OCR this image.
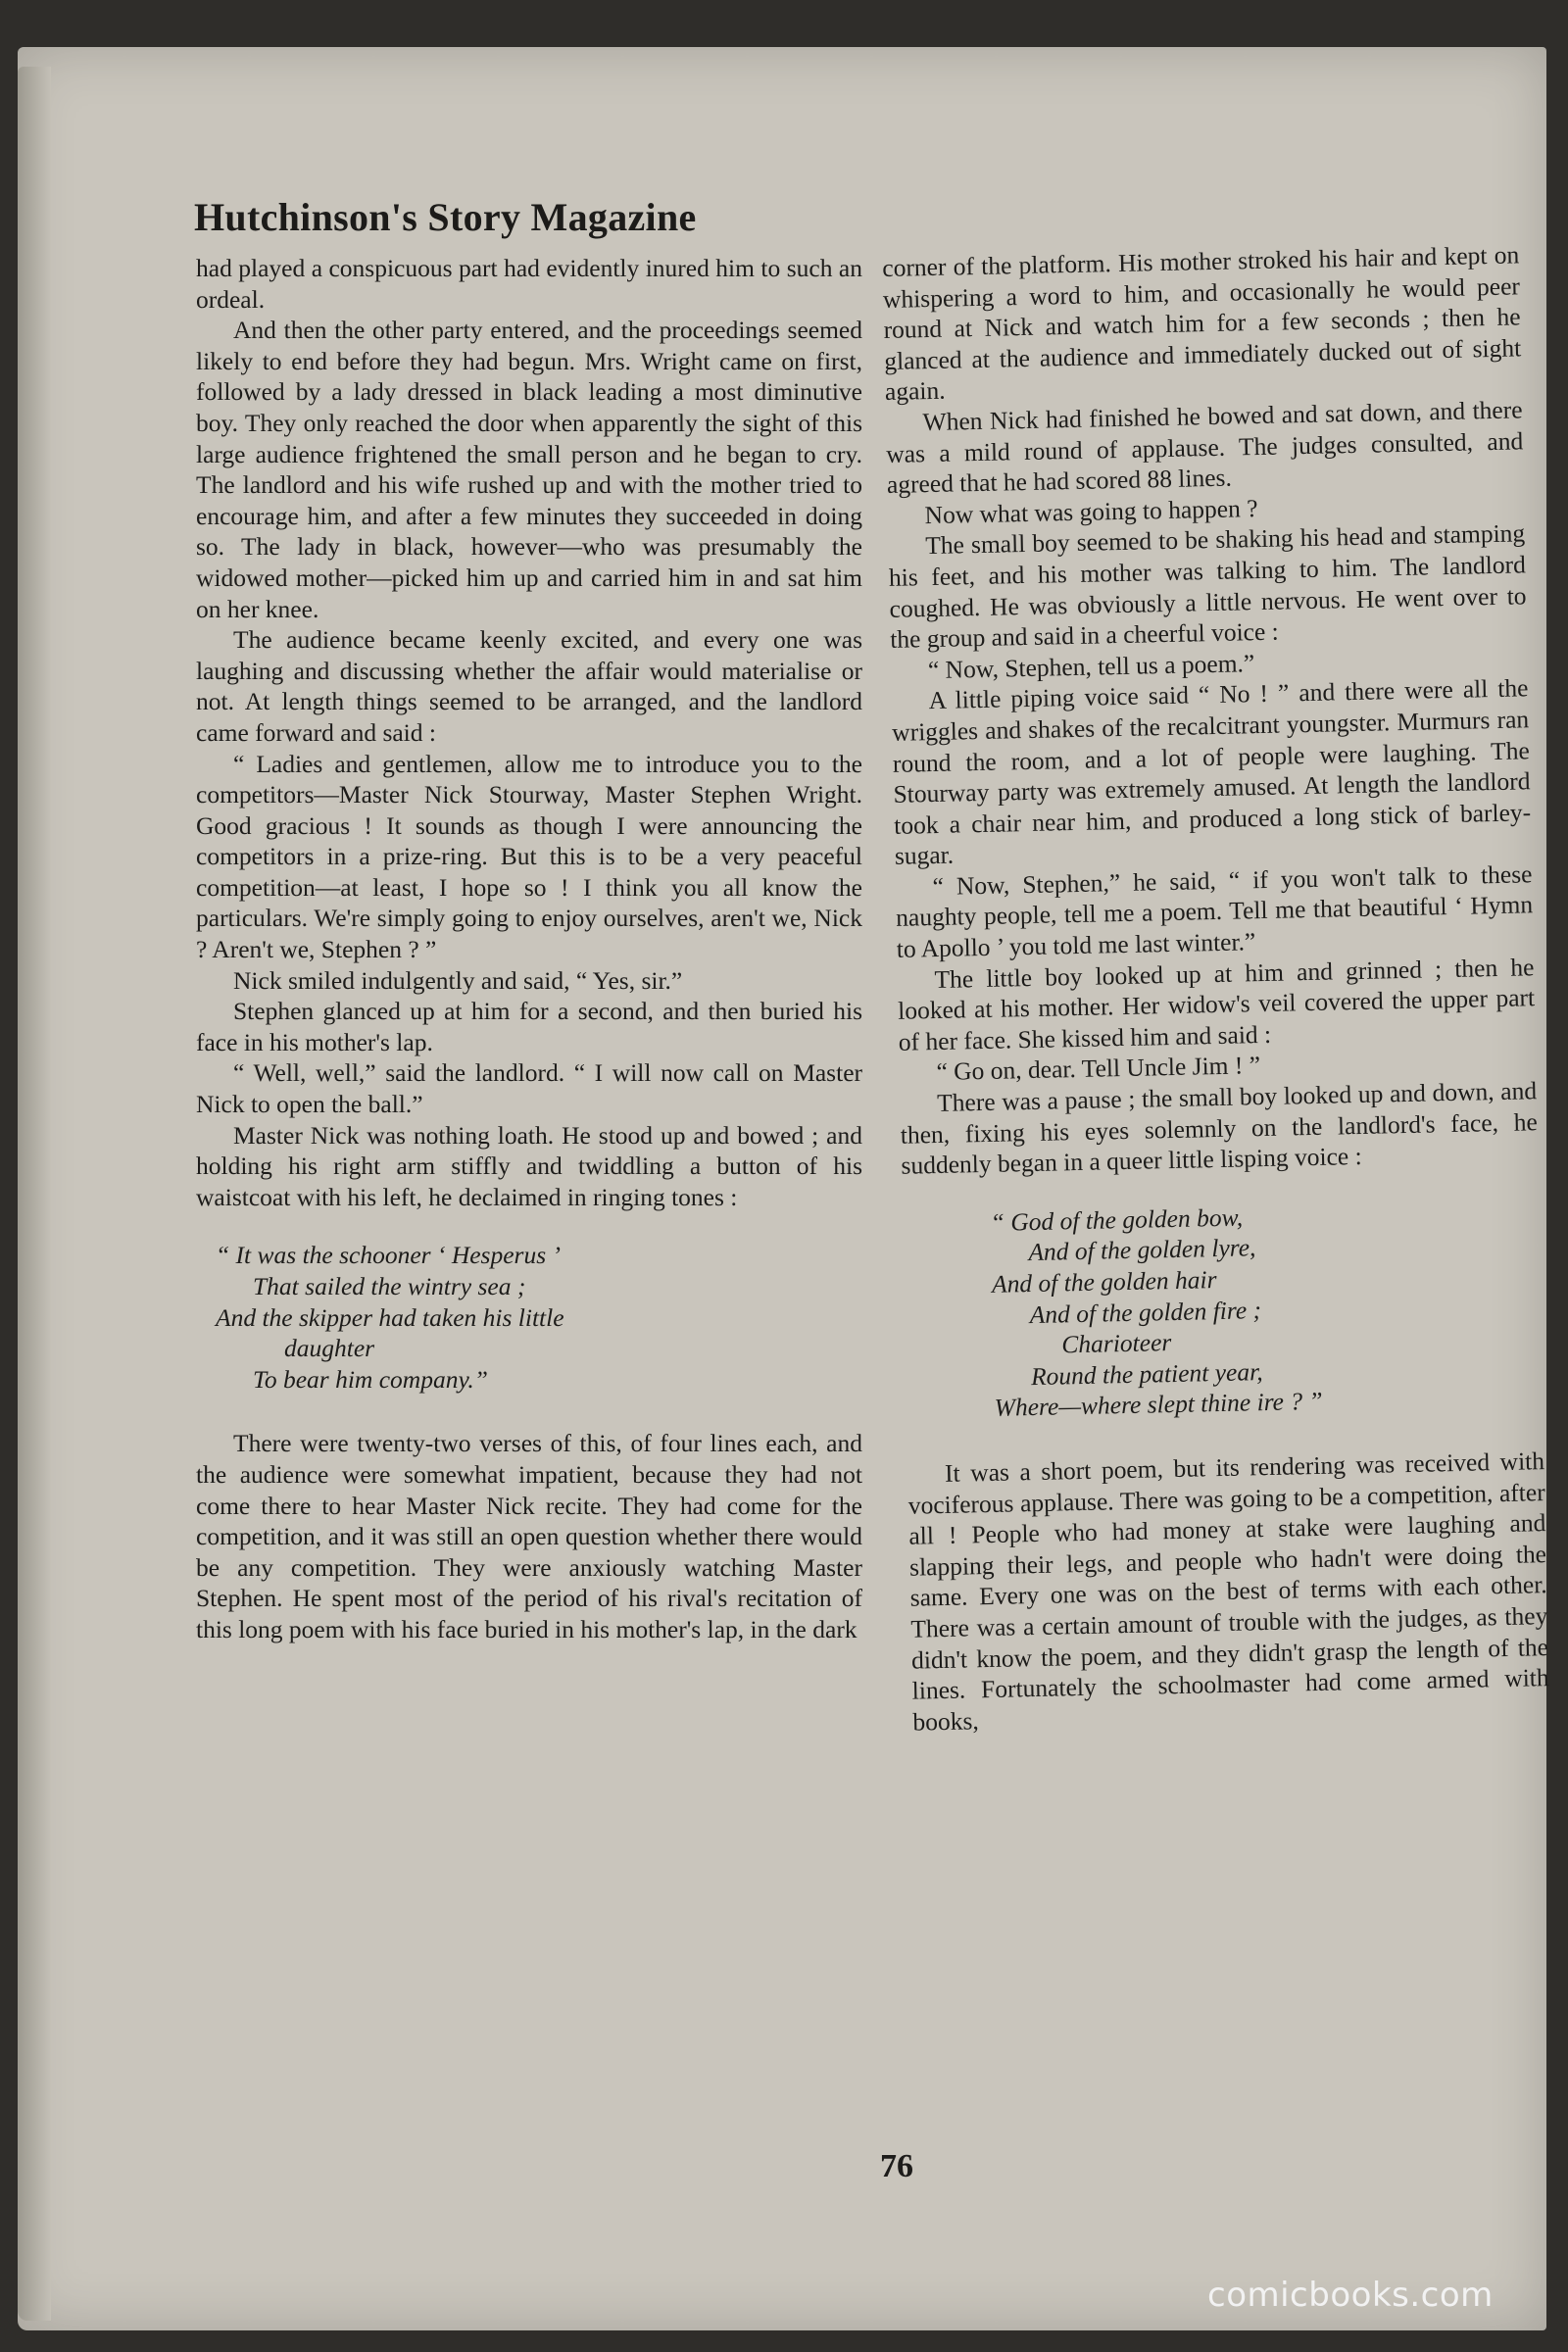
Hutchinson's Story Magazine

had played a conspicuous part had evidently inured him to such an ordeal.

And then the other party entered, and the proceedings seemed likely to end before they had begun. Mrs. Wright came on first, followed by a lady dressed in black leading a most diminutive boy. They only reached the door when apparently the sight of this large audience frightened the small person and he began to cry. The landlord and his wife rushed up and with the mother tried to encourage him, and after a few minutes they succeeded in doing so. The lady in black, however—who was presumably the widowed mother—picked him up and carried him in and sat him on her knee.

The audience became keenly excited, and every one was laughing and discussing whether the affair would materialise or not. At length things seemed to be arranged, and the landlord came forward and said :

“ Ladies and gentlemen, allow me to introduce you to the competitors—Master Nick Stourway, Master Stephen Wright. Good gracious ! It sounds as though I were announcing the competitors in a prize-ring. But this is to be a very peaceful competition—at least, I hope so ! I think you all know the particulars. We're simply going to enjoy ourselves, aren't we, Nick ? Aren't we, Stephen ? ”

Nick smiled indulgently and said, “ Yes, sir.”

Stephen glanced up at him for a second, and then buried his face in his mother's lap.

“ Well, well,” said the landlord. “ I will now call on Master Nick to open the ball.”

Master Nick was nothing loath. He stood up and bowed ; and holding his right arm stiffly and twiddling a button of his waistcoat with his left, he declaimed in ringing tones :

“ It was the schooner ‘ Hesperus ’
That sailed the wintry sea ;
And the skipper had taken his little
daughter
To bear him company.”

There were twenty-two verses of this, of four lines each, and the audience were somewhat impatient, because they had not come there to hear Master Nick recite. They had come for the competition, and it was still an open question whether there would be any competition. They were anxiously watching Master Stephen. He spent most of the period of his rival's recitation of this long poem with his face buried in his mother's lap, in the dark

corner of the platform. His mother stroked his hair and kept on whispering a word to him, and occasionally he would peer round at Nick and watch him for a few seconds ; then he glanced at the audience and immediately ducked out of sight again.

When Nick had finished he bowed and sat down, and there was a mild round of applause. The judges consulted, and agreed that he had scored 88 lines.

Now what was going to happen ?

The small boy seemed to be shaking his head and stamping his feet, and his mother was talking to him. The landlord coughed. He was obviously a little nervous. He went over to the group and said in a cheerful voice :

“ Now, Stephen, tell us a poem.”

A little piping voice said “ No ! ” and there were all the wriggles and shakes of the recalcitrant youngster. Murmurs ran round the room, and a lot of people were laughing. The Stourway party was extremely amused. At length the landlord took a chair near him, and produced a long stick of barley-sugar.

“ Now, Stephen,” he said, “ if you won't talk to these naughty people, tell me a poem. Tell me that beautiful ‘ Hymn to Apollo ’ you told me last winter.”

The little boy looked up at him and grinned ; then he looked at his mother. Her widow's veil covered the upper part of her face. She kissed him and said :

“ Go on, dear. Tell Uncle Jim ! ”

There was a pause ; the small boy looked up and down, and then, fixing his eyes solemnly on the landlord's face, he suddenly began in a queer little lisping voice :

“ God of the golden bow,
And of the golden lyre,
And of the golden hair
And of the golden fire ;
Charioteer
Round the patient year,
Where—where slept thine ire ? ”

It was a short poem, but its rendering was received with vociferous applause. There was going to be a competition, after all ! People who had money at stake were laughing and slapping their legs, and people who hadn't were doing the same. Every one was on the best of terms with each other. There was a certain amount of trouble with the judges, as they didn't know the poem, and they didn't grasp the length of the lines. Fortunately the schoolmaster had come armed with books,

76
comicbooks.com
